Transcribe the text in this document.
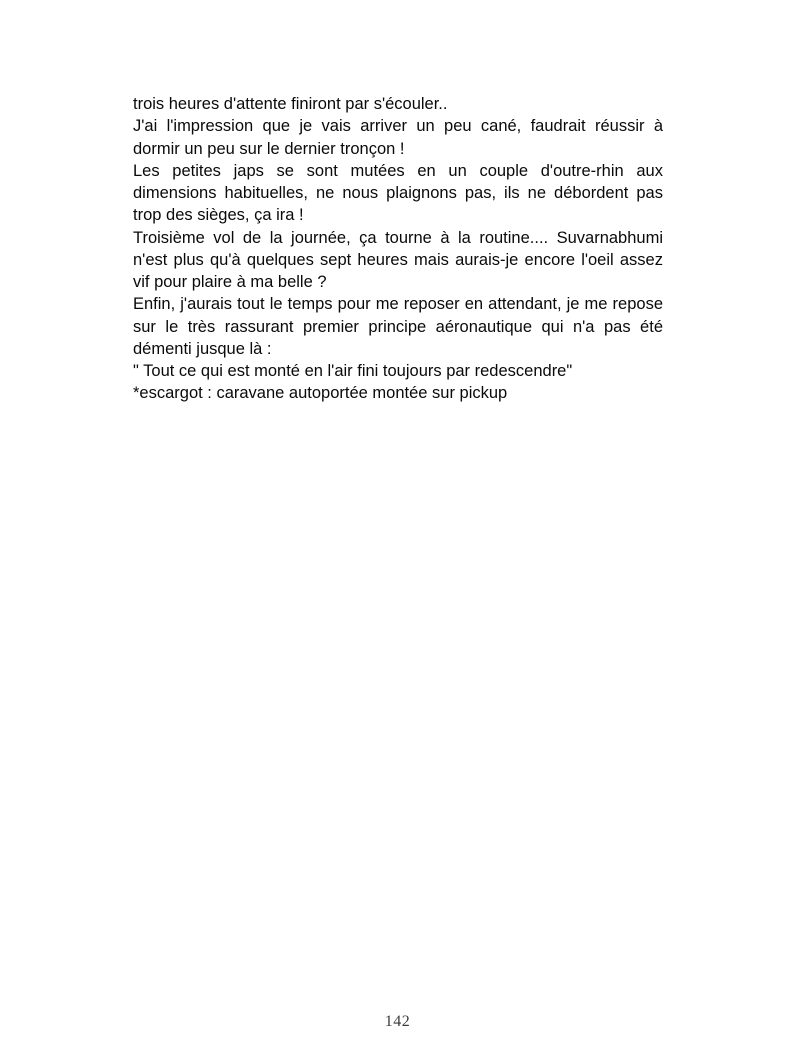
trois heures d'attente finiront par s'écouler..
J'ai l'impression que je vais arriver un peu cané, faudrait réussir à
dormir un peu sur le dernier tronçon !
Les petites japs se sont mutées en un couple d'outre-rhin aux
dimensions habituelles, ne nous plaignons pas, ils ne débordent pas
trop des sièges, ça ira !
Troisième vol de la journée, ça tourne à la routine.... Suvarnabhumi
n'est plus qu'à quelques sept heures mais aurais-je encore l'oeil assez
vif pour plaire à ma belle ?
Enfin, j'aurais tout le temps pour me reposer en attendant, je me repose
sur le très rassurant premier principe aéronautique qui n'a pas été
démenti jusque là :
" Tout ce qui est monté en l'air fini toujours par redescendre"
*escargot : caravane autoportée montée sur pickup
142
